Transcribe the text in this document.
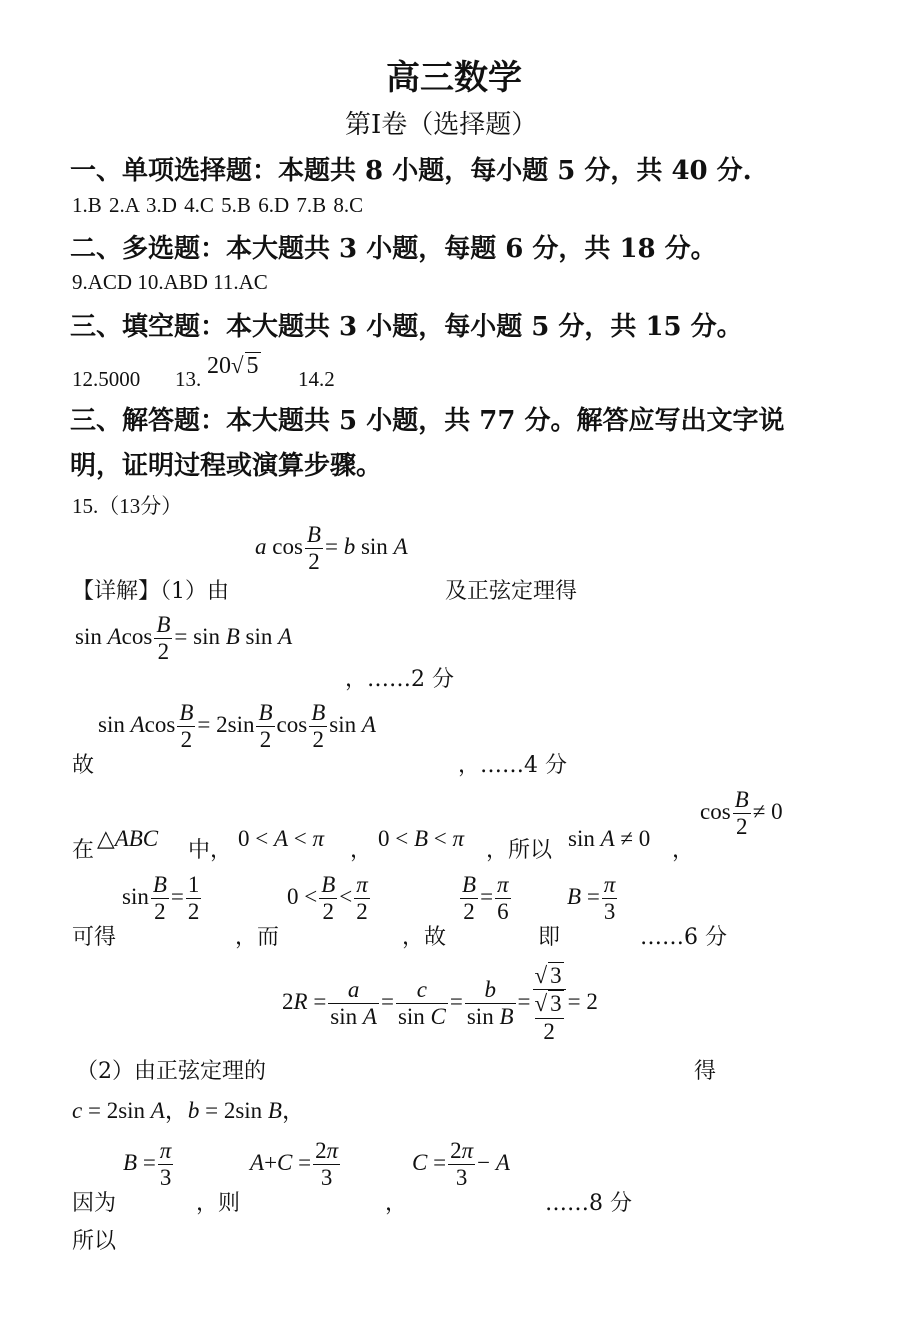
高三数学
第Ⅰ卷（选择题）
一、单项选择题：本题共 8 小题，每小题 5 分，共 40 分.
1.B 2.A 3.D 4.C 5.B 6.D 7.B 8.C
二、多选题：本大题共 3 小题，每题 6 分，共 18 分。
9.ACD 10.ABD 11.AC
三、填空题：本大题共 3 小题，每小题 5 分，共 15 分。
12.5000 13. 20√ 5 14.2
三、解答题：本大题共 5 小题，共 77 分。解答应写出文字说
明，证明过程或演算步骤。
15.（13分）
a $\cos \frac{B}{2} = b$ sin A
【详解】（1）由	及正弦定理得
sin Acos $\frac{B}{2} = \sin B$ sin A
，……2 分
sin Acos $\frac{B}{2} = 2\sin \frac{B}{2}$ $\cos \frac{B}{2}$ sin A
故	，……4 分
在 △ABC 中， 0 < A < π ， 0 < B < π ，所以 sin A ≠ 0 ，
$\cos \frac{B}{2} \ne 0$
可得
$\sin \frac{B}{2} = \frac{1}{2}$
，而
$0 < \frac{B}{2} < \frac{\pi}{2}$
，故
$\frac{B}{2} = \frac{\pi}{6}$
即
$B = \frac{\pi}{3}$
……6 分
$2R = \frac{a}{\text{sin A}} = \frac{c}{\text{sin C}} = \frac{b}{\text{sin B}}$ = √ 3
√ 3
2 = 2
（2）由正弦定理的	得
c = 2sin A，b = 2sin B，
因为
$B = \frac{\pi}{3}$
，则
$A+C = \frac{2\pi}{3}$
，
$C = \frac{2\pi}{3} - A$
……8 分
所以
